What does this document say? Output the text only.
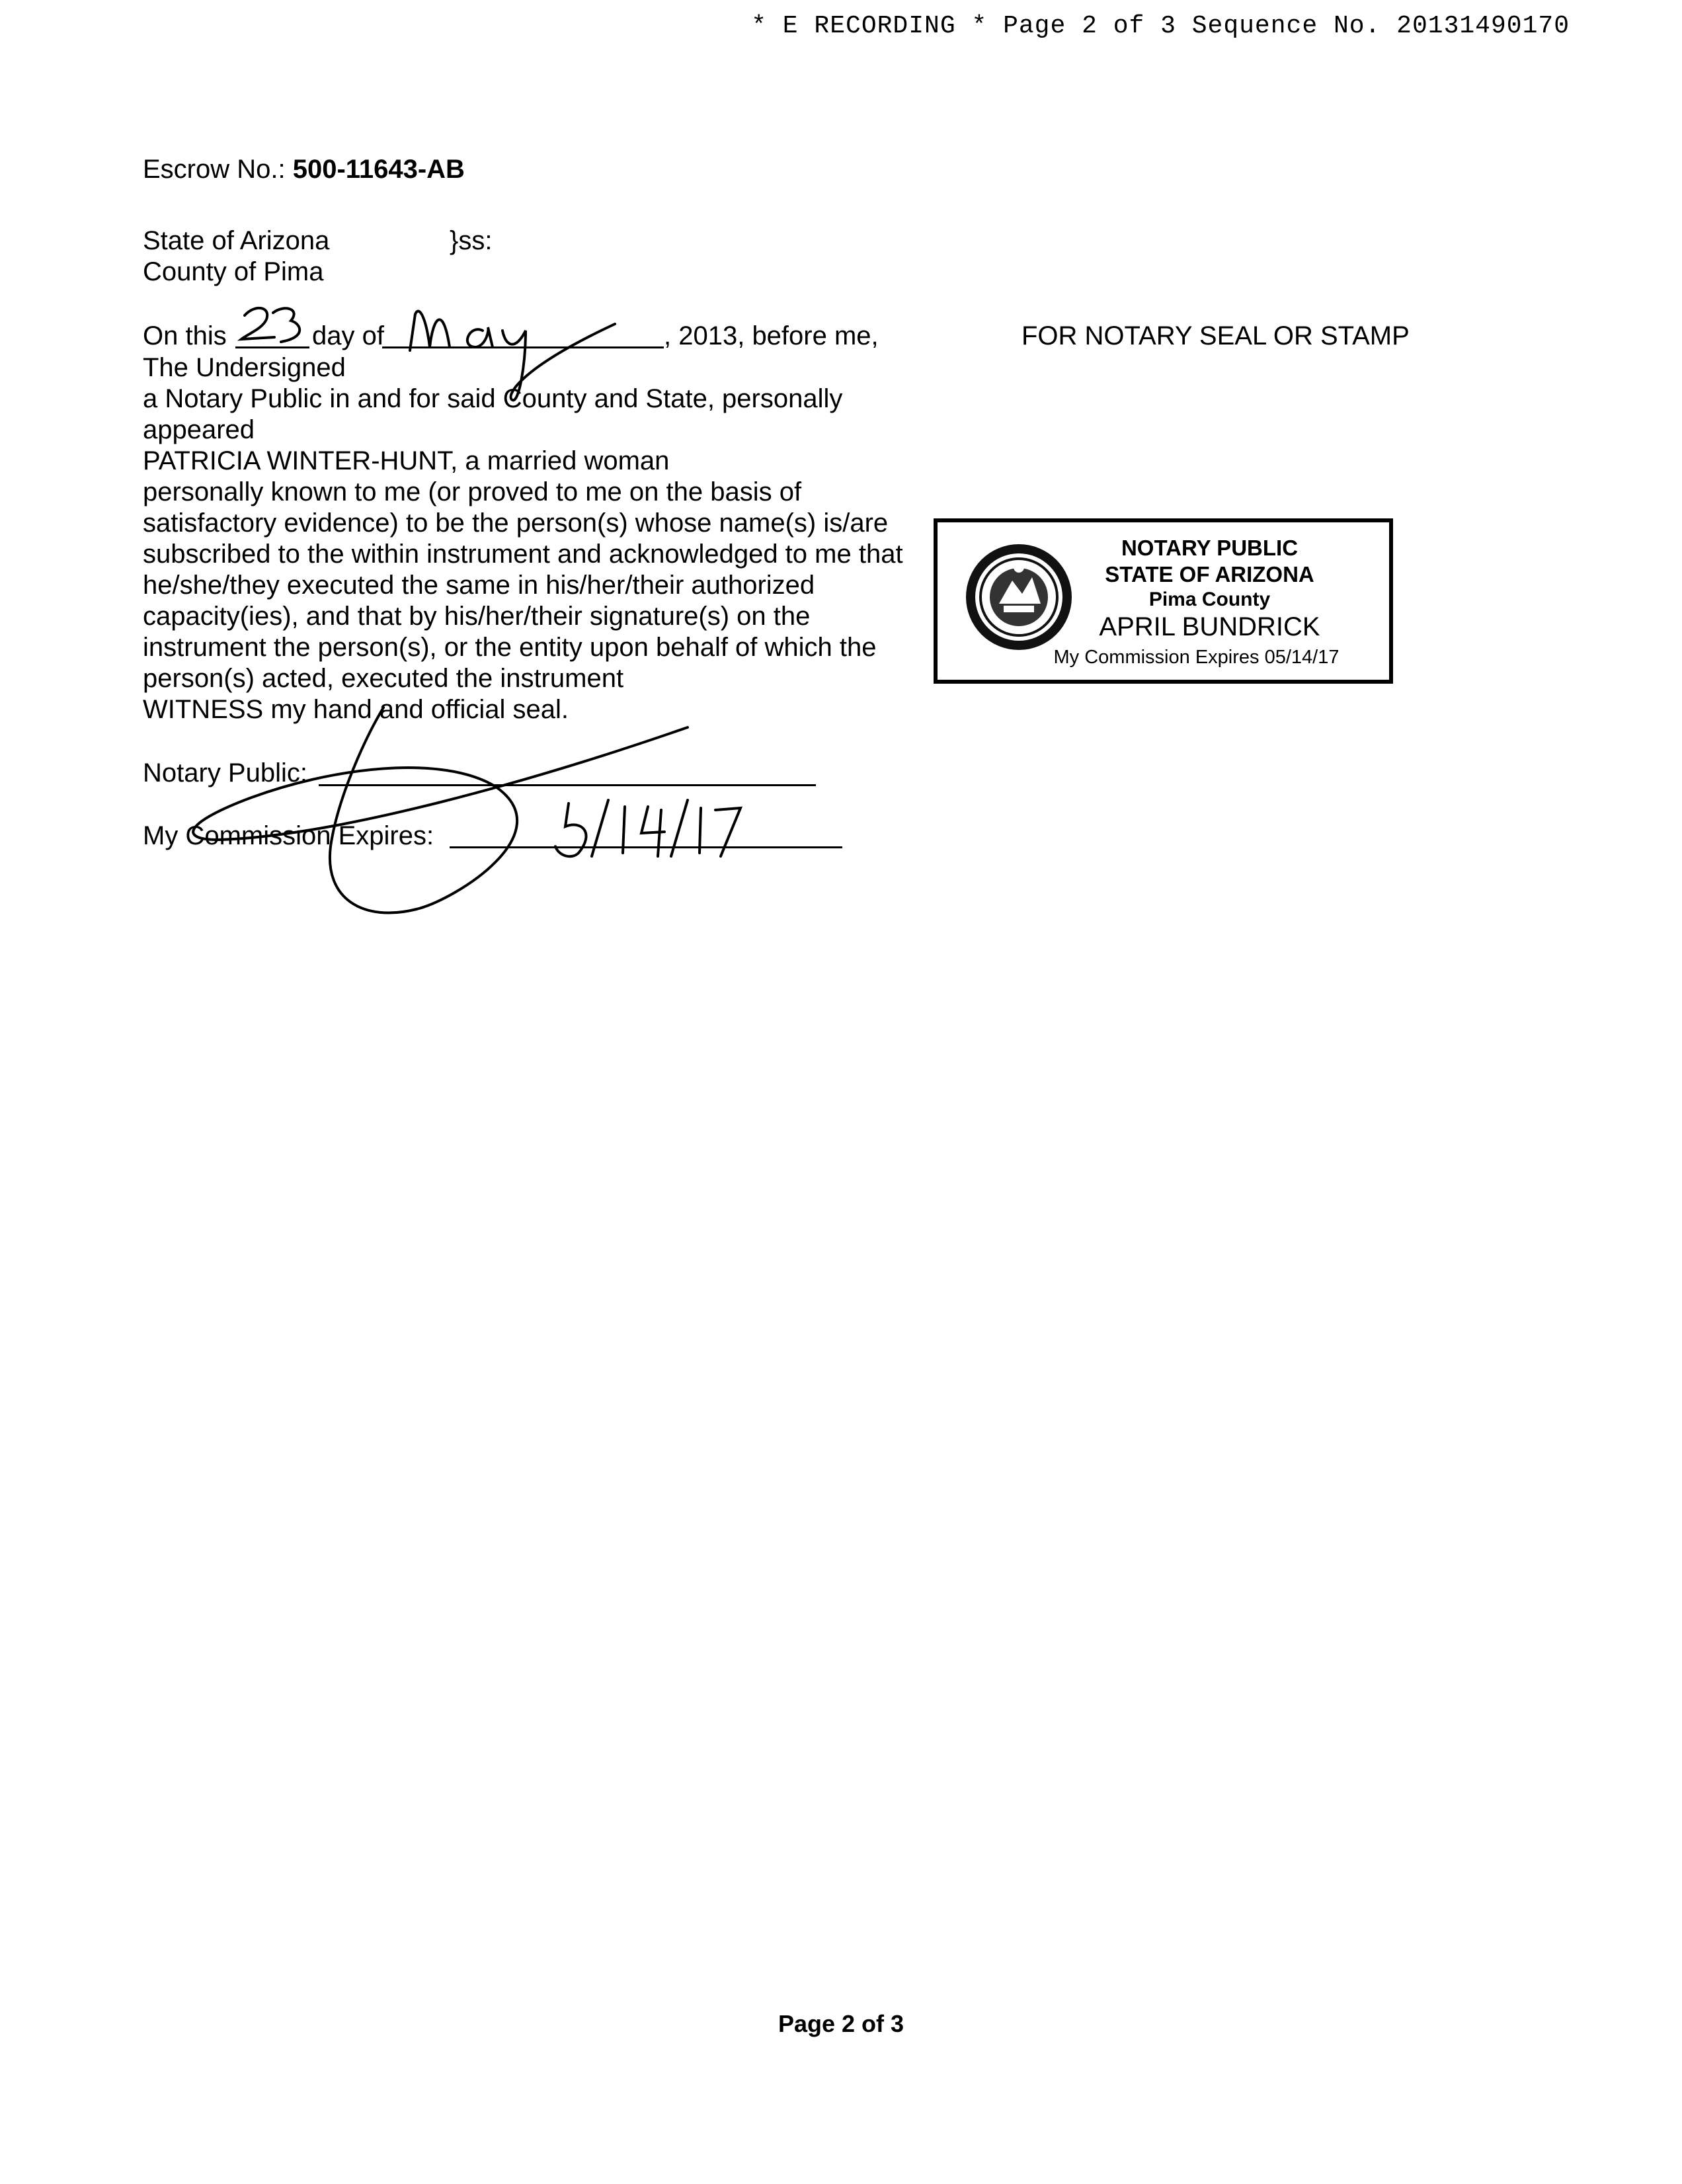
* E RECORDING * Page 2 of 3 Sequence No. 20131490170
Escrow No.: 500-11643-AB
State of Arizona	}ss:
County of Pima
On this	day of	, 2013, before me,
The Undersigned
a Notary Public in and for said County and State, personally
appeared
PATRICIA WINTER-HUNT, a married woman
personally known to me (or proved to me on the basis of
satisfactory evidence) to be the person(s) whose name(s) is/are
subscribed to the within instrument and acknowledged to me that
he/she/they executed the same in his/her/their authorized
capacity(ies), and that by his/her/their signature(s) on the
instrument the person(s), or the entity upon behalf of which the
person(s) acted, executed the instrument
WITNESS my hand and official seal.
Notary Public:
My Commission Expires:
FOR NOTARY SEAL OR STAMP
NOTARY PUBLIC
STATE OF ARIZONA
Pima County
APRIL BUNDRICK
My Commission Expires 05/14/17
Page 2 of 3
